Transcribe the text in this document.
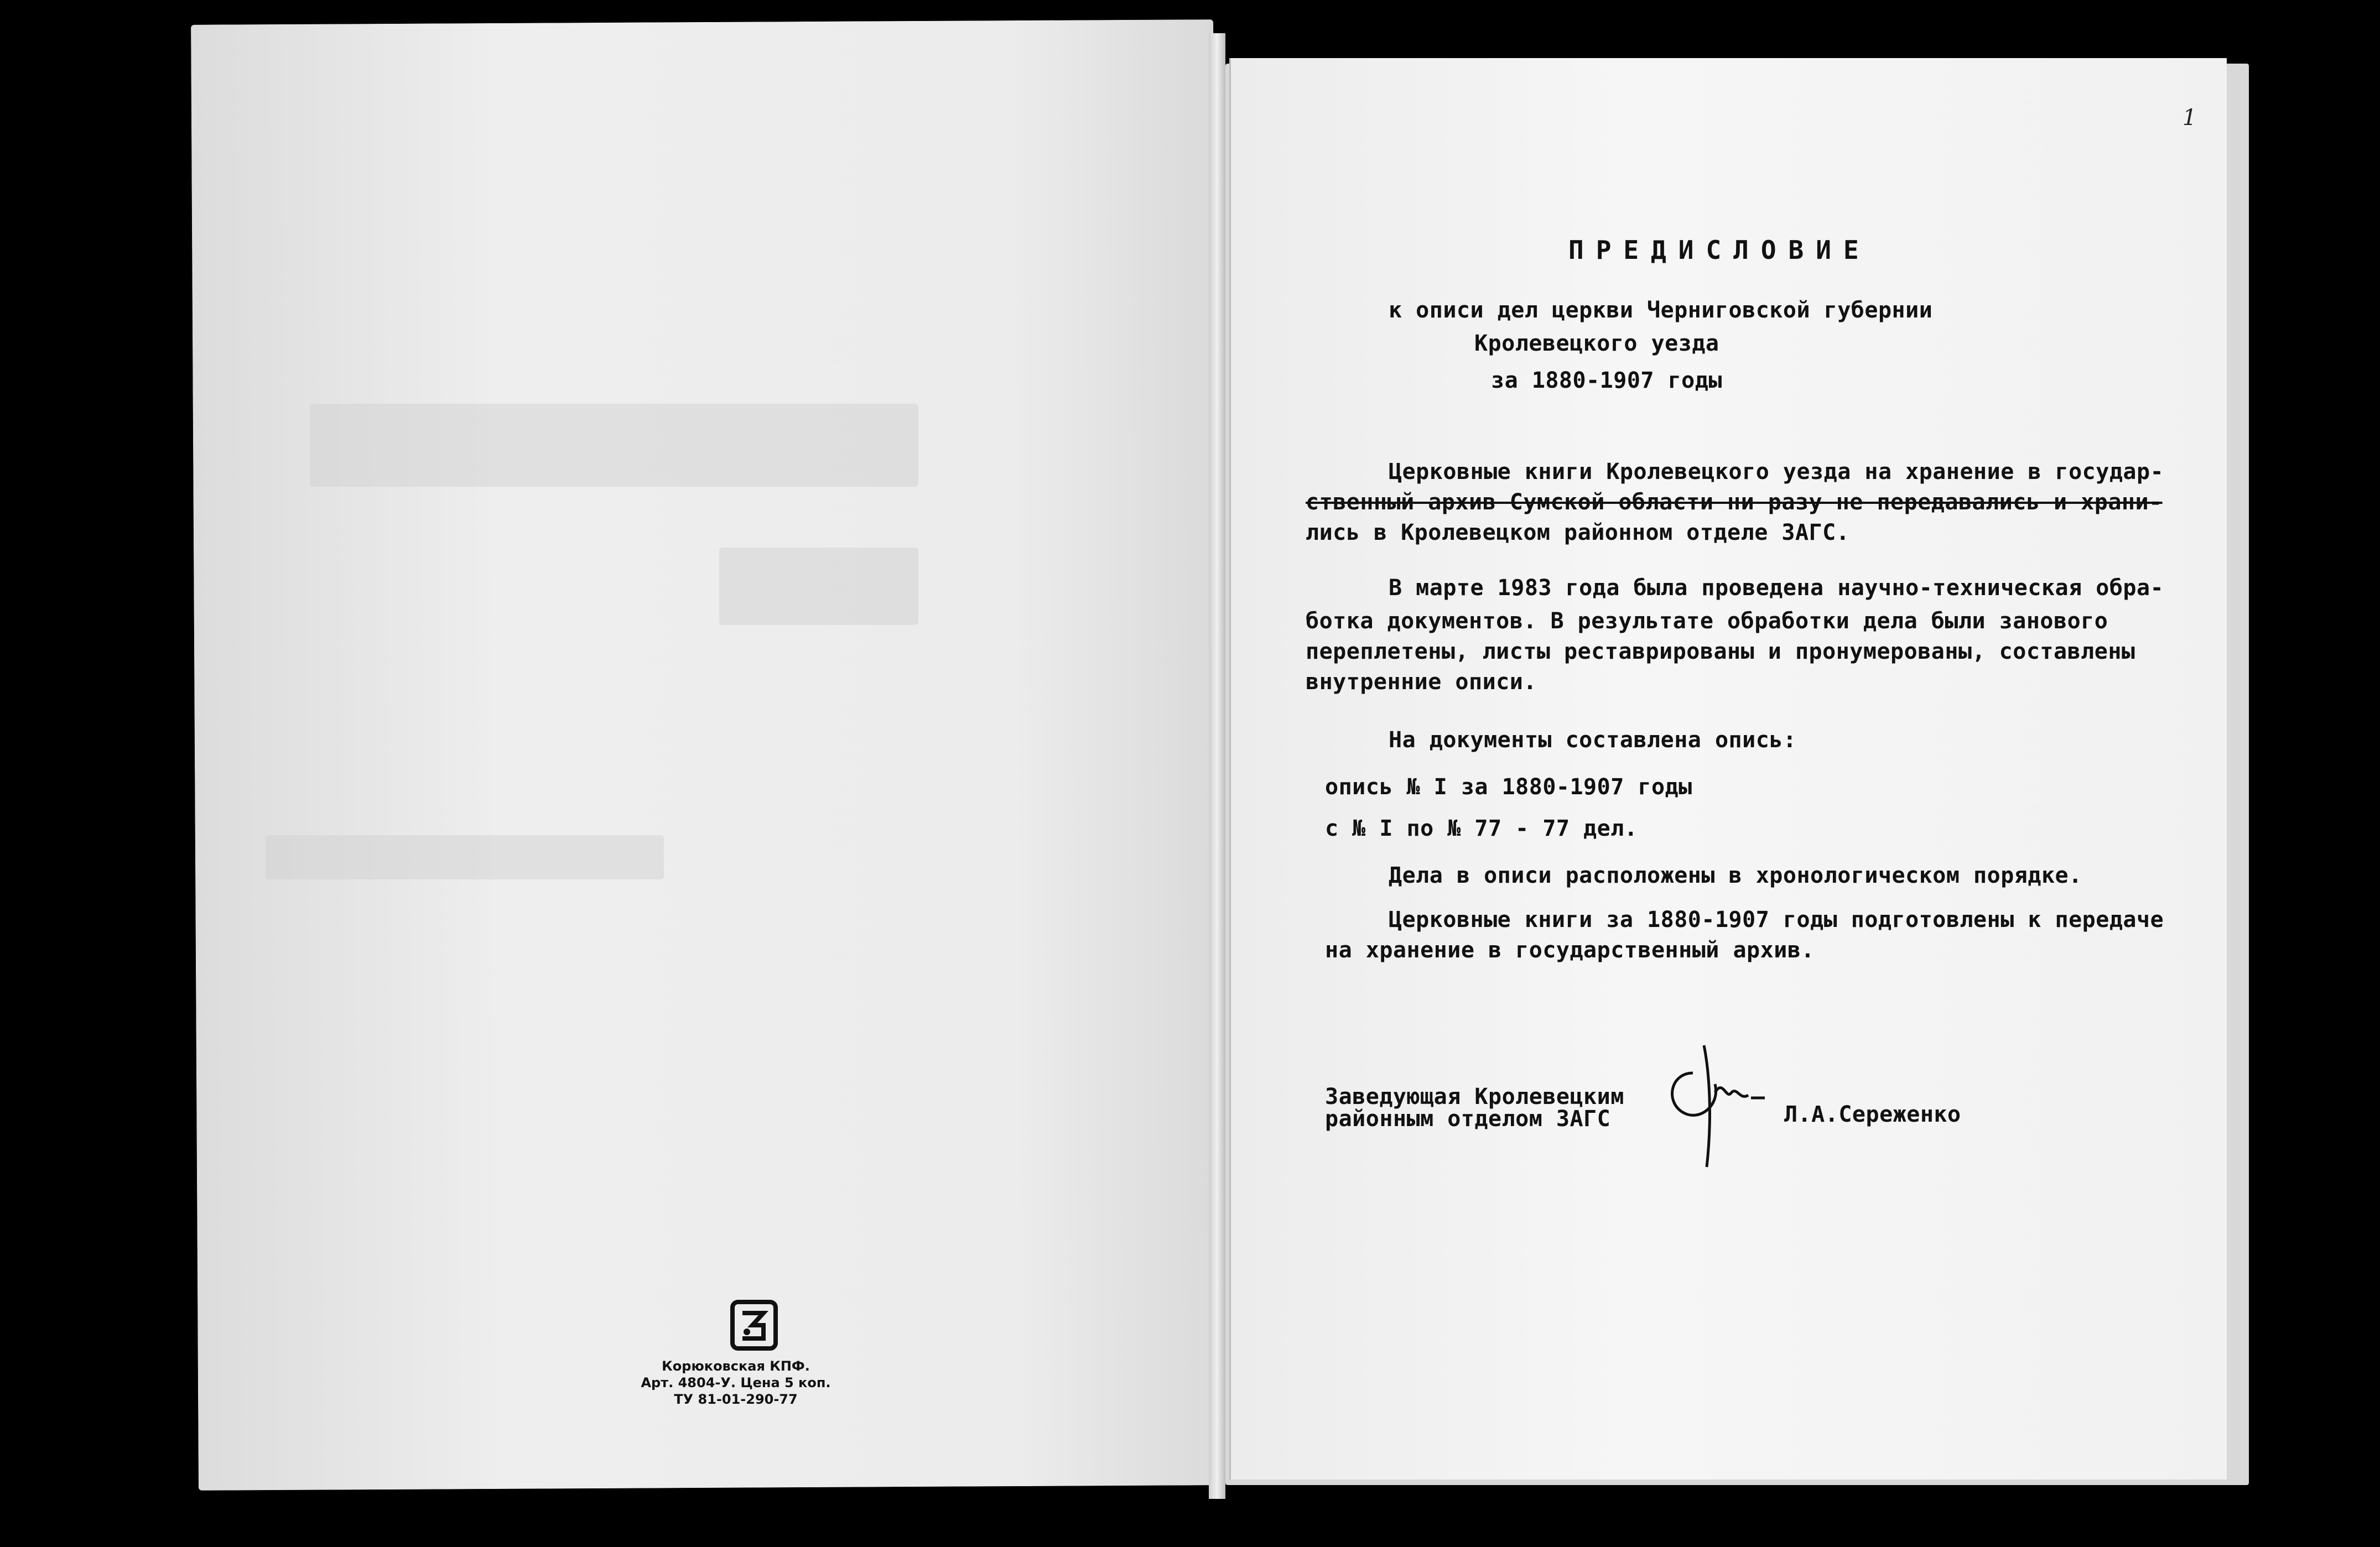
Корюковская КПФ.
Арт. 4804-У. Цена 5 коп.
ТУ 81-01-290-77
1
ПРЕДИСЛОВИЕ
к описи дел церкви Черниговской губернии
Кролевецкого уезда
за 1880-1907 годы
Церковные книги Кролевецкого уезда на хранение в государ-
ственный архив Сумской области ни разу не передавались и храни-
лись в Кролевецком районном отделе ЗАГС.
В марте 1983 года была проведена научно-техническая обра-
ботка документов. В результате обработки дела были занового
переплетены, листы реставрированы и пронумерованы, составлены
внутренние описи.
На документы составлена опись:
опись № I за 1880-1907 годы
с № I по № 77 - 77 дел.
Дела в описи расположены в хронологическом порядке.
Церковные книги за 1880-1907 годы подготовлены к передаче
на хранение в государственный архив.
Заведующая Кролевецким
районным отделом ЗАГС	Л.А.Сереженко
